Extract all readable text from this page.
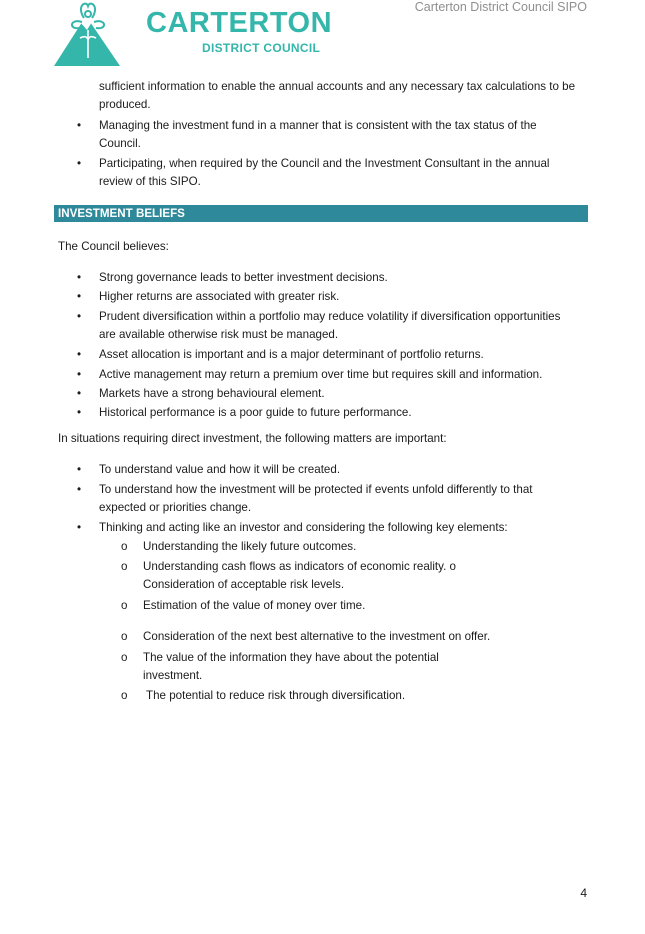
CARTERTON
DISTRICT COUNCIL
Carterton District Council SIPO
sufficient information to enable the annual accounts and any necessary tax calculations to be
produced.
• Managing the investment fund in a manner that is consistent with the tax status of the
Council.
• Participating, when required by the Council and the Investment Consultant in the annual
review of this SIPO.
INVESTMENT BELIEFS
The Council believes:
• Strong governance leads to better investment decisions.
• Higher returns are associated with greater risk.
• Prudent diversification within a portfolio may reduce volatility if diversification opportunities
are available otherwise risk must be managed.
• Asset allocation is important and is a major determinant of portfolio returns.
• Active management may return a premium over time but requires skill and information.
• Markets have a strong behavioural element.
• Historical performance is a poor guide to future performance.
In situations requiring direct investment, the following matters are important:
• To understand value and how it will be created.
• To understand how the investment will be protected if events unfold differently to that
expected or priorities change.
• Thinking and acting like an investor and considering the following key elements:
o Understanding the likely future outcomes.
o Understanding cash flows as indicators of economic reality. o
Consideration of acceptable risk levels.
o Estimation of the value of money over time.
o Consideration of the next best alternative to the investment on offer.
o The value of the information they have about the potential
investment.
o The potential to reduce risk through diversification.
4
